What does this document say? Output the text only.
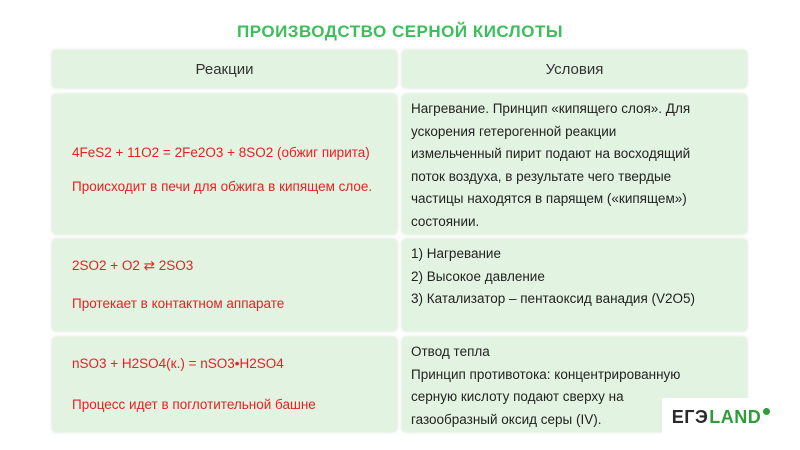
ПРОИЗВОДСТВО СЕРНОЙ КИСЛОТЫ
Реакции	Условия
4FeS2 + 11O2 = 2Fe2O3 + 8SO2 (обжиг пирита)
Происходит в печи для обжига в кипящем слое.
Нагревание. Принцип «кипящего слоя». Для
ускорения гетерогенной реакции
измельченный пирит подают на восходящий
поток воздуха, в результате чего твердые
частицы находятся в парящем («кипящем»)
состоянии.
2SO2 + O2 ⇄ 2SO3
Протекает в контактном аппарате
1) Нагревание
2) Высокое давление
3) Катализатор – пентаоксид ванадия (V2O5)
nSO3 + H2SO4(к.) = nSO3•H2SO4
Процесс идет в поглотительной башне
Отвод тепла
Принцип противотока: концентрированную
серную кислоту подают сверху на
газообразный оксид серы (IV).	ЕГЭ LAND
